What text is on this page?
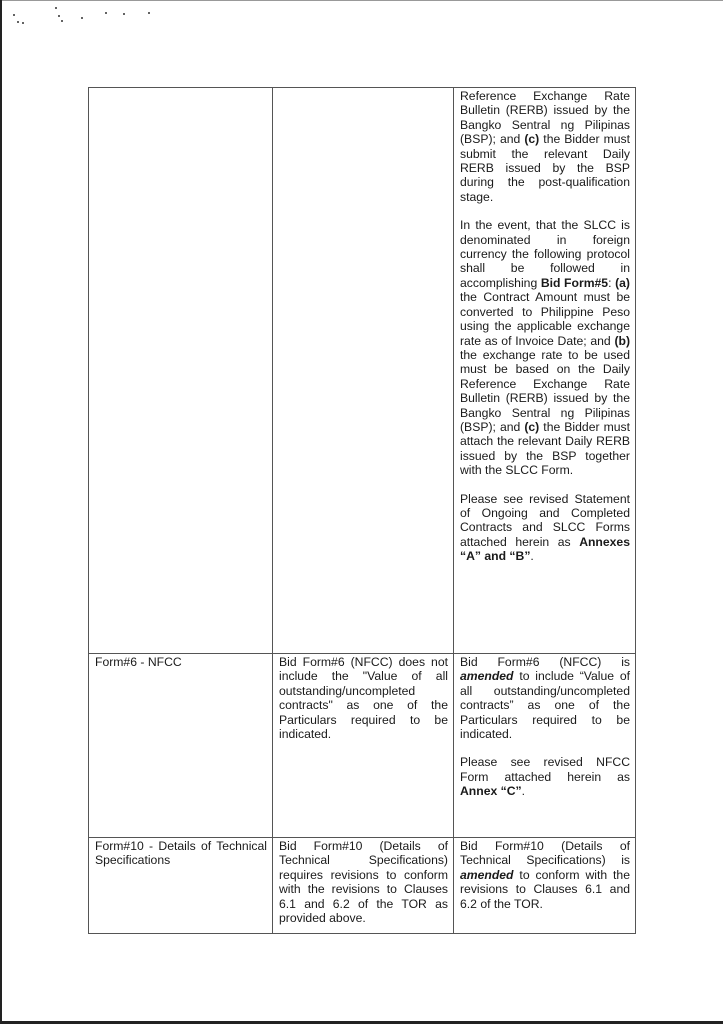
		Reference Exchange Rate Bulletin (RERB) issued by the Bangko Sentral ng Pilipinas (BSP); and (c) the Bidder must submit the relevant Daily RERB issued by the BSP during the post-qualification stage.

In the event, that the SLCC is denominated in foreign currency the following protocol shall be followed in accomplishing Bid Form#5: (a) the Contract Amount must be converted to Philippine Peso using the applicable exchange rate as of Invoice Date; and (b) the exchange rate to be used must be based on the Daily Reference Exchange Rate Bulletin (RERB) issued by the Bangko Sentral ng Pilipinas (BSP); and (c) the Bidder must attach the relevant Daily RERB issued by the BSP together with the SLCC Form.

Please see revised Statement of Ongoing and Completed Contracts and SLCC Forms attached herein as Annexes “A” and “B”.

Form#6 - NFCC	Bid Form#6 (NFCC) does not include the "Value of all outstanding/uncompleted contracts" as one of the Particulars required to be indicated.	Bid Form#6 (NFCC) is amended to include “Value of all outstanding/uncompleted contracts” as one of the Particulars required to be indicated.

Please see revised NFCC Form attached herein as Annex “C”.

Form#10 - Details of Technical Specifications	Bid Form#10 (Details of Technical Specifications) requires revisions to conform with the revisions to Clauses 6.1 and 6.2 of the TOR as provided above.	Bid Form#10 (Details of Technical Specifications) is amended to conform with the revisions to Clauses 6.1 and 6.2 of the TOR.
